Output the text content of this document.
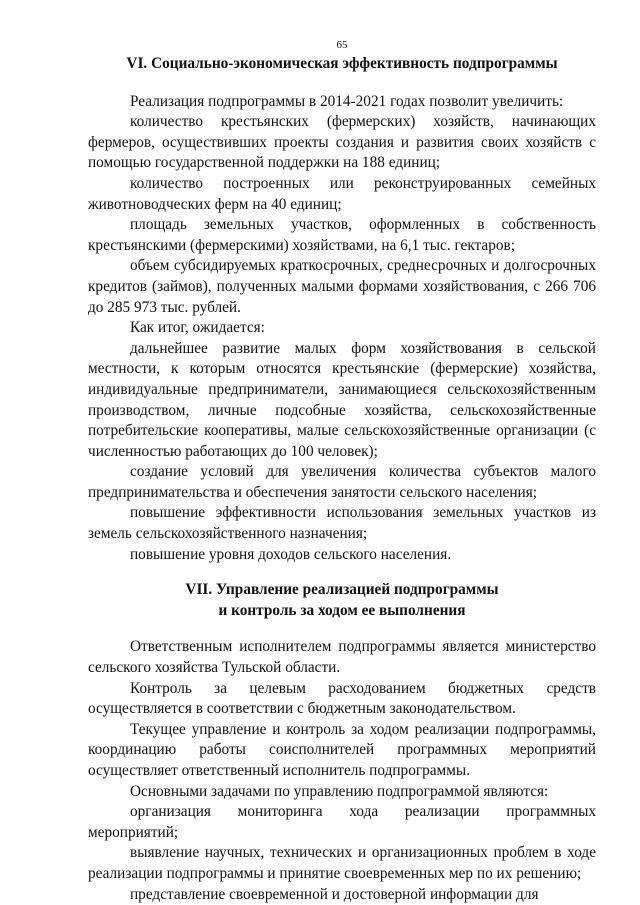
65
VI. Социально-экономическая эффективность подпрограммы

Реализация подпрограммы в 2014-2021 годах позволит увеличить:

количество крестьянских (фермерских) хозяйств, начинающих фермеров, осуществивших проекты создания и развития своих хозяйств с помощью государственной поддержки на 188 единиц;

количество построенных или реконструированных семейных животноводческих ферм на 40 единиц;

площадь земельных участков, оформленных в собственность крестьянскими (фермерскими) хозяйствами, на 6,1 тыс. гектаров;

объем субсидируемых краткосрочных, среднесрочных и долгосрочных кредитов (займов), полученных малыми формами хозяйствования, с 266 706 до 285 973 тыс. рублей.

Как итог, ожидается:

дальнейшее развитие малых форм хозяйствования в сельской местности, к которым относятся крестьянские (фермерские) хозяйства, индивидуальные предприниматели, занимающиеся сельскохозяйственным производством, личные подсобные хозяйства, сельскохозяйственные потребительские кооперативы, малые сельскохозяйственные организации (с численностью работающих до 100 человек);

создание условий для увеличения количества субъектов малого предпринимательства и обеспечения занятости сельского населения;

повышение эффективности использования земельных участков из земель сельскохозяйственного назначения;

повышение уровня доходов сельского населения.

VII. Управление реализацией подпрограммы
и контроль за ходом ее выполнения

Ответственным исполнителем подпрограммы является министерство сельского хозяйства Тульской области.

Контроль за целевым расходованием бюджетных средств осуществляется в соответствии с бюджетным законодательством.

Текущее управление и контроль за ходом реализации подпрограммы, координацию работы соисполнителей программных мероприятий осуществляет ответственный исполнитель подпрограммы.

Основными задачами по управлению подпрограммой являются:

организация мониторинга хода реализации программных мероприятий;

выявление научных, технических и организационных проблем в ходе реализации подпрограммы и принятие своевременных мер по их решению;

представление своевременной и достоверной информации для
